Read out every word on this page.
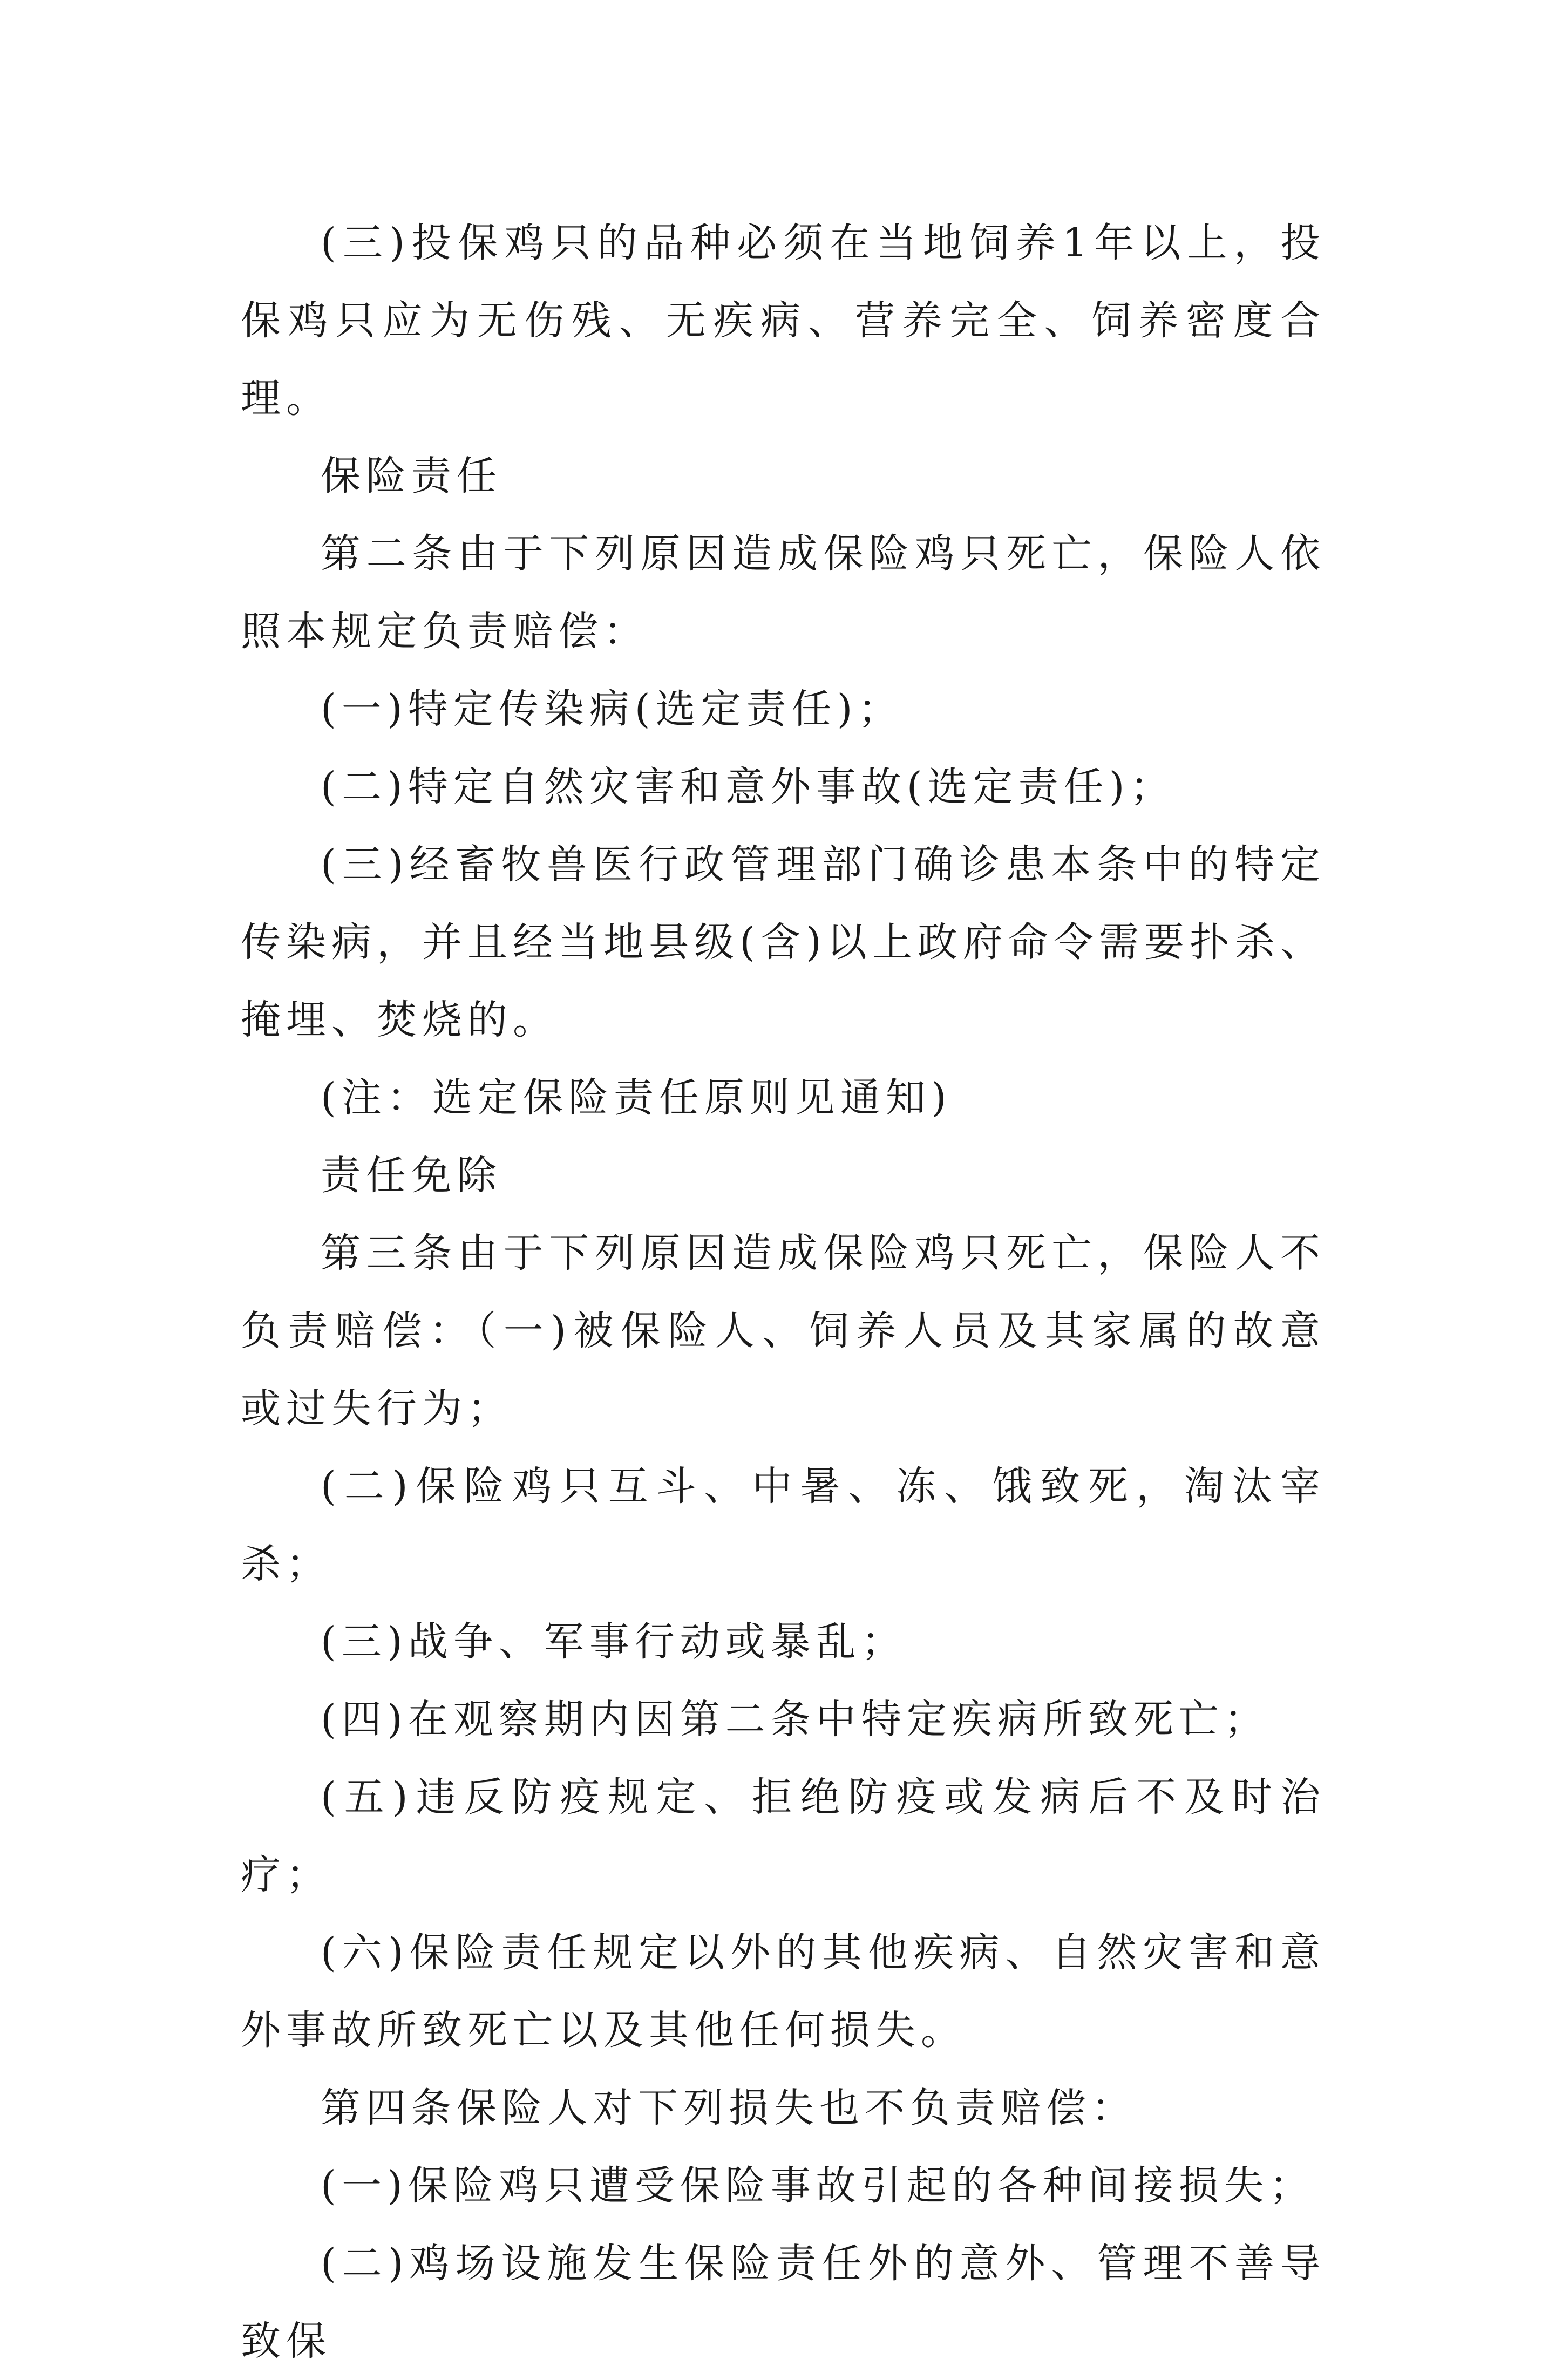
(三)投保鸡只的品种必须在当地饲养1年以上，投保鸡只应为无伤残、无疾病、营养完全、饲养密度合理。

保险责任

第二条由于下列原因造成保险鸡只死亡，保险人依照本规定负责赔偿：

(一)特定传染病(选定责任)；

(二)特定自然灾害和意外事故(选定责任)；

(三)经畜牧兽医行政管理部门确诊患本条中的特定传染病，并且经当地县级(含)以上政府命令需要扑杀、掩埋、焚烧的。

(注：选定保险责任原则见通知)

责任免除

第三条由于下列原因造成保险鸡只死亡，保险人不负责赔偿：（一)被保险人、饲养人员及其家属的故意或过失行为；

(二)保险鸡只互斗、中暑、冻、饿致死，淘汰宰杀；

(三)战争、军事行动或暴乱；

(四)在观察期内因第二条中特定疾病所致死亡；

(五)违反防疫规定、拒绝防疫或发病后不及时治疗；

(六)保险责任规定以外的其他疾病、自然灾害和意外事故所致死亡以及其他任何损失。

第四条保险人对下列损失也不负责赔偿：

(一)保险鸡只遭受保险事故引起的各种间接损失；

(二)鸡场设施发生保险责任外的意外、管理不善导致保
